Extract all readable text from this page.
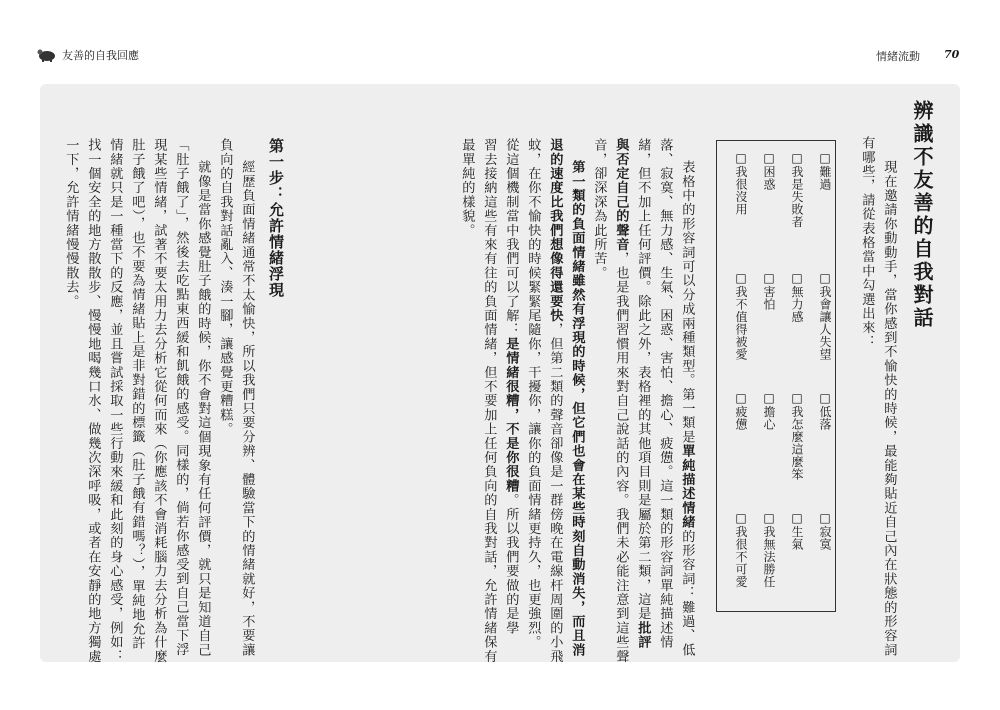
友善的自我回應	情緒流動 70
辨識不友善的自我對話
現在邀請你動動手，當你感到不愉快的時候，最能夠貼近自己內在狀態的形容詞
有哪些，請從表格當中勾選出來：
□難過
□我會讓人失望
□低落
□寂寞
□我是失敗者
□無力感
□我怎麼這麼笨
□生氣
□困惑
□害怕
□擔心
□我無法勝任
□我很沒用
□我不值得被愛
□疲憊
□我很不可愛
表格中的形容詞可以分成兩種類型。第一類是單純描述情緒的形容詞：難過、低
落、寂寞、無力感、生氣、困惑、害怕、擔心、疲憊。這一類的形容詞單純描述情
緒，但不加上任何評價。除此之外，表格裡的其他項目則是屬於第二類，這是批評
與否定自己的聲音，也是我們習慣用來對自己說話的內容。我們未必能注意到這些聲
音，卻深深為此所苦。
第一類的負面情緒雖然有浮現的時候，但它們也會在某些時刻自動消失，而且消
退的速度比我們想像得還要快，但第二類的聲音卻像是一群傍晚在電線杆周圍的小飛
蚊，在你不愉快的時候緊緊尾隨你，干擾你，讓你的負面情緒更持久，也更強烈。
從這個機制當中我們可以了解：是情緒很糟，不是你很糟。所以我們要做的是學
習去接納這些有來有往的負面情緒，但不要加上任何負向的自我對話，允許情緒保有
最單純的樣貌。
第一步：允許情緒浮現
經歷負面情緒通常不太愉快，所以我們只要分辨、體驗當下的情緒就好，不要讓
負向的自我對話亂入、湊一腳，讓感覺更糟糕。
就像是當你感覺肚子餓的時候，你不會對這個現象有任何評價，就只是知道自己
「肚子餓了」，然後去吃點東西緩和飢餓的感受。同樣的，倘若你感受到自己當下浮
現某些情緒，試著不要太用力去分析它從何而來（你應該不會消耗腦力去分析為什麼
肚子餓了吧），也不要為情緒貼上是非對錯的標籤（肚子餓有錯嗎？），單純地允許
情緒就只是一種當下的反應，並且嘗試採取一些行動來緩和此刻的身心感受，例如：
找一個安全的地方散散步、慢慢地喝幾口水、做幾次深呼吸，或者在安靜的地方獨處
一下，允許情緒慢慢散去。
